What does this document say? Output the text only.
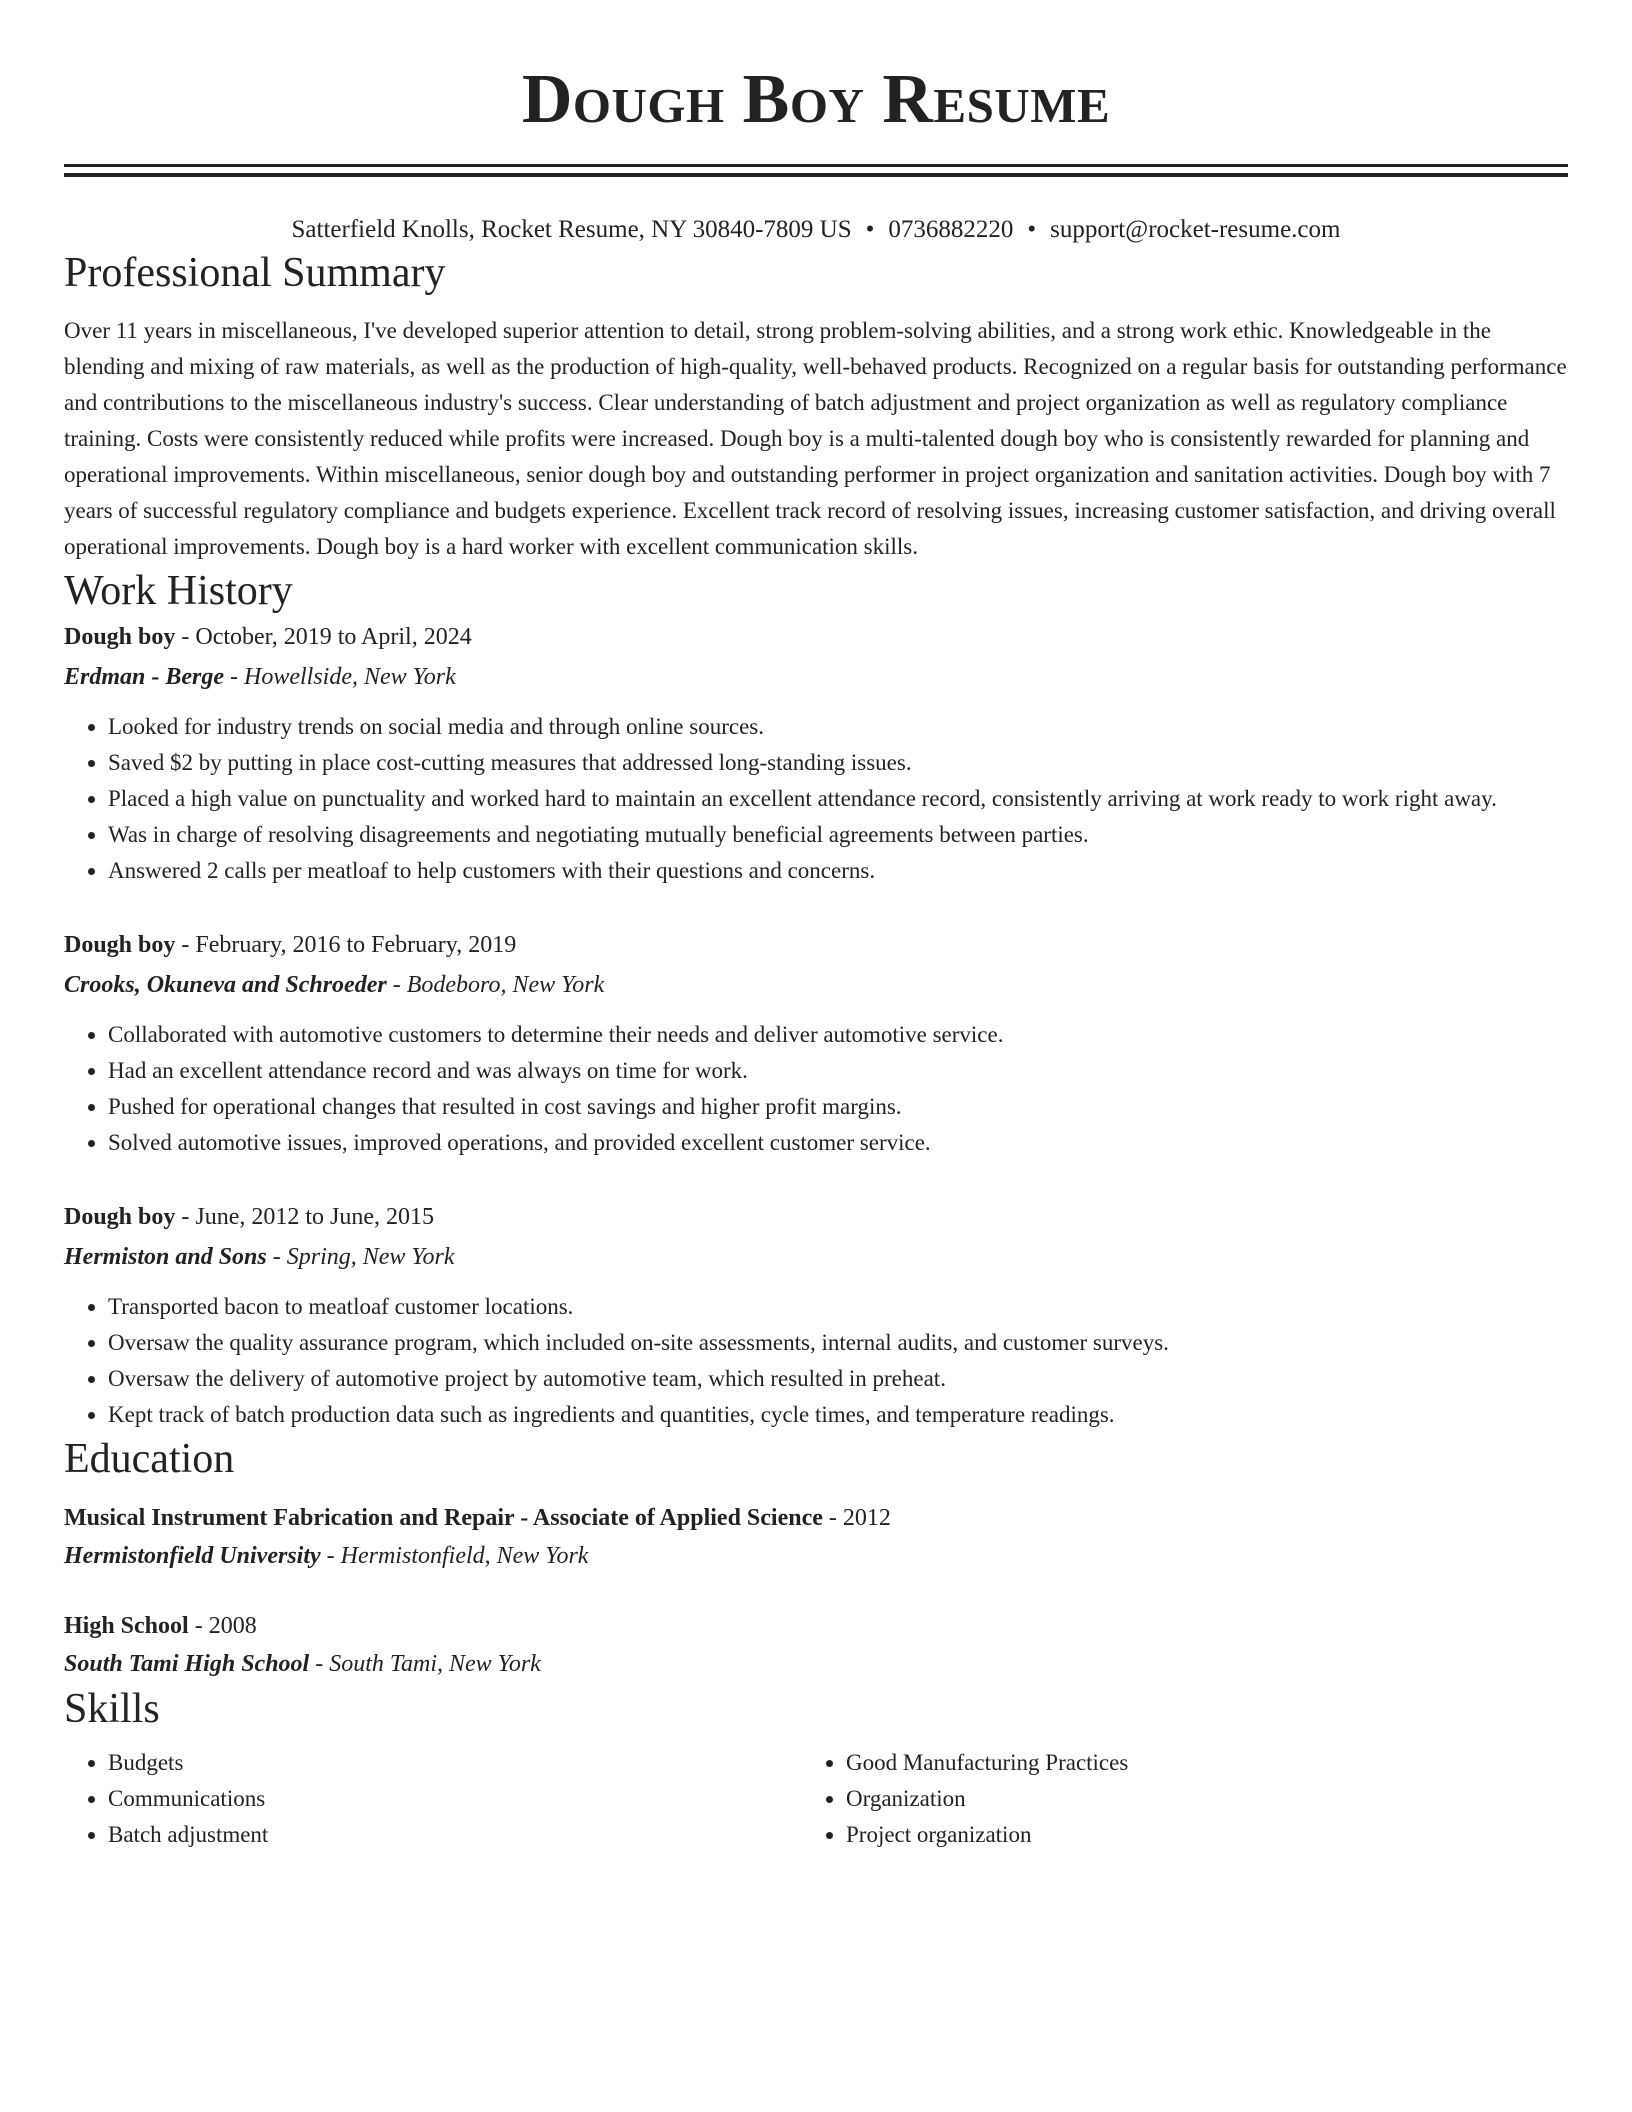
Dough Boy Resume
Satterfield Knolls, Rocket Resume, NY 30840-7809 US • 0736882220 • support@rocket-resume.com
Professional Summary

Over 11 years in miscellaneous, I've developed superior attention to detail, strong problem-solving abilities, and a strong work ethic. Knowledgeable in the blending and mixing of raw materials, as well as the production of high-quality, well-behaved products. Recognized on a regular basis for outstanding performance and contributions to the miscellaneous industry's success. Clear understanding of batch adjustment and project organization as well as regulatory compliance training. Costs were consistently reduced while profits were increased. Dough boy is a multi-talented dough boy who is consistently rewarded for planning and operational improvements. Within miscellaneous, senior dough boy and outstanding performer in project organization and sanitation activities. Dough boy with 7 years of successful regulatory compliance and budgets experience. Excellent track record of resolving issues, increasing customer satisfaction, and driving overall operational improvements. Dough boy is a hard worker with excellent communication skills.

Work History
Dough boy - October, 2019 to April, 2024
Erdman - Berge - Howellside, New York
• Looked for industry trends on social media and through online sources.
• Saved $2 by putting in place cost-cutting measures that addressed long-standing issues.
• Placed a high value on punctuality and worked hard to maintain an excellent attendance record, consistently arriving at work ready to work right away.
• Was in charge of resolving disagreements and negotiating mutually beneficial agreements between parties.
• Answered 2 calls per meatloaf to help customers with their questions and concerns.
Dough boy - February, 2016 to February, 2019
Crooks, Okuneva and Schroeder - Bodeboro, New York
• Collaborated with automotive customers to determine their needs and deliver automotive service.
• Had an excellent attendance record and was always on time for work.
• Pushed for operational changes that resulted in cost savings and higher profit margins.
• Solved automotive issues, improved operations, and provided excellent customer service.
Dough boy - June, 2012 to June, 2015
Hermiston and Sons - Spring, New York
• Transported bacon to meatloaf customer locations.
• Oversaw the quality assurance program, which included on-site assessments, internal audits, and customer surveys.
• Oversaw the delivery of automotive project by automotive team, which resulted in preheat.
• Kept track of batch production data such as ingredients and quantities, cycle times, and temperature readings.
Education
Musical Instrument Fabrication and Repair - Associate of Applied Science - 2012
Hermistonfield University - Hermistonfield, New York
High School - 2008
South Tami High School - South Tami, New York
Skills
• Budgets
• Communications
• Batch adjustment
• Good Manufacturing Practices
• Organization
• Project organization
